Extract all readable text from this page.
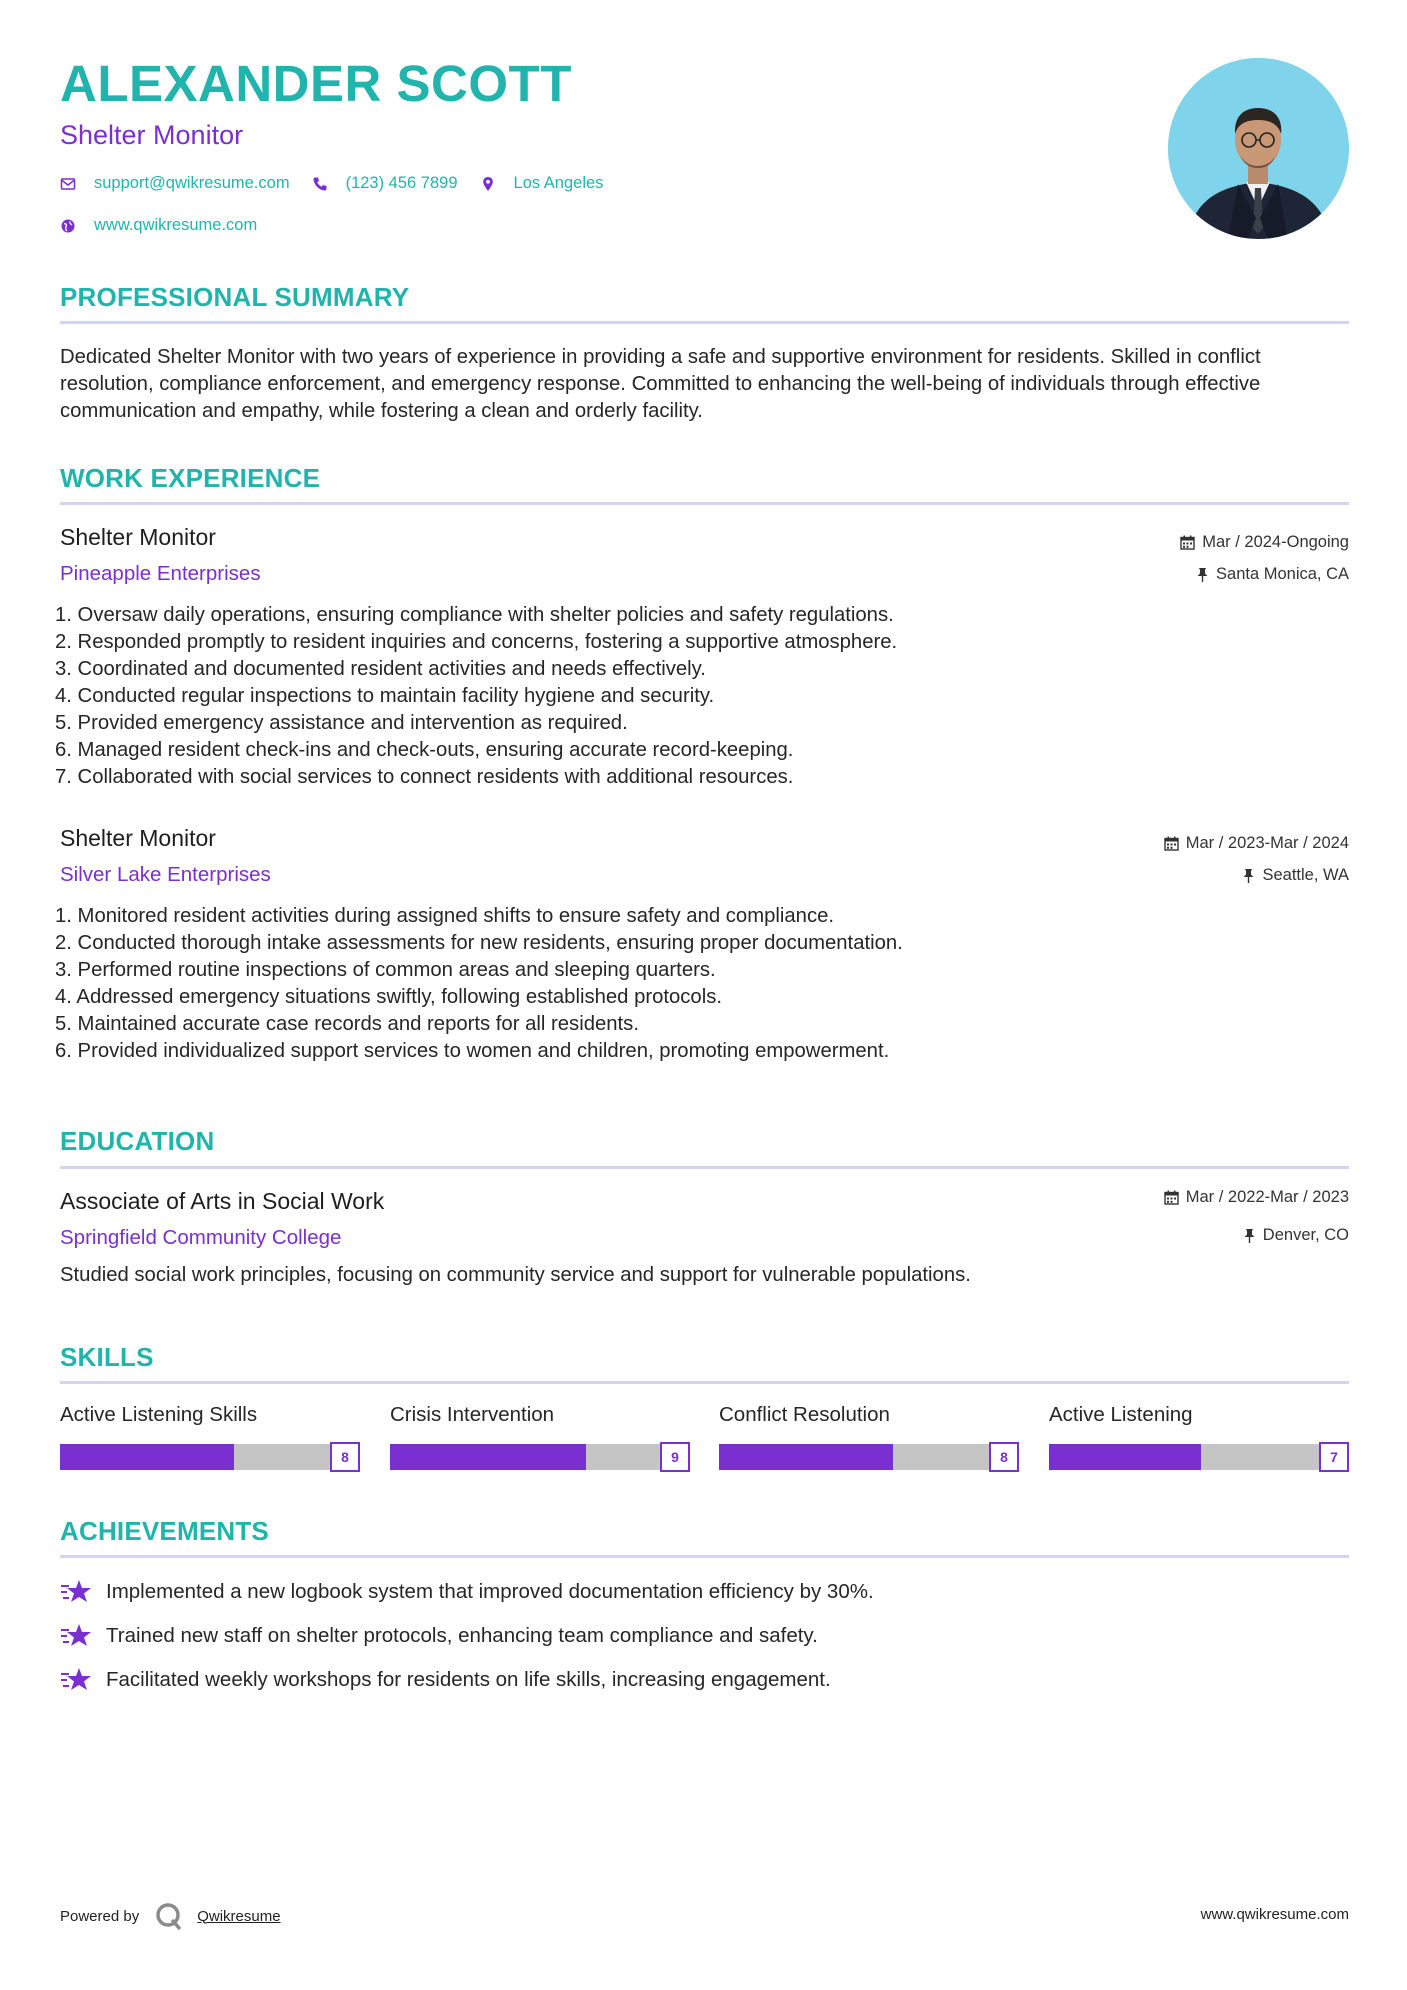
ALEXANDER SCOTT
Shelter Monitor
support@qwikresume.com	(123) 456 7899	Los Angeles
www.qwikresume.com
PROFESSIONAL SUMMARY
Dedicated Shelter Monitor with two years of experience in providing a safe and supportive environment for residents. Skilled in conflict resolution, compliance enforcement, and emergency response. Committed to enhancing the well-being of individuals through effective communication and empathy, while fostering a clean and orderly facility.
WORK EXPERIENCE
Shelter Monitor
Pineapple Enterprises
Mar / 2024-Ongoing
Santa Monica, CA
1. Oversaw daily operations, ensuring compliance with shelter policies and safety regulations.
2. Responded promptly to resident inquiries and concerns, fostering a supportive atmosphere.
3. Coordinated and documented resident activities and needs effectively.
4. Conducted regular inspections to maintain facility hygiene and security.
5. Provided emergency assistance and intervention as required.
6. Managed resident check-ins and check-outs, ensuring accurate record-keeping.
7. Collaborated with social services to connect residents with additional resources.
Shelter Monitor
Silver Lake Enterprises
Mar / 2023-Mar / 2024
Seattle, WA
1. Monitored resident activities during assigned shifts to ensure safety and compliance.
2. Conducted thorough intake assessments for new residents, ensuring proper documentation.
3. Performed routine inspections of common areas and sleeping quarters.
4. Addressed emergency situations swiftly, following established protocols.
5. Maintained accurate case records and reports for all residents.
6. Provided individualized support services to women and children, promoting empowerment.
EDUCATION
Associate of Arts in Social Work
Springfield Community College
Mar / 2022-Mar / 2023
Denver, CO
Studied social work principles, focusing on community service and support for vulnerable populations.
SKILLS
Active Listening Skills
8
Crisis Intervention
9
Conflict Resolution
8
Active Listening
7
ACHIEVEMENTS
Implemented a new logbook system that improved documentation efficiency by 30%.
Trained new staff on shelter protocols, enhancing team compliance and safety.
Facilitated weekly workshops for residents on life skills, increasing engagement.
Powered by	Qwikresume	www.qwikresume.com
